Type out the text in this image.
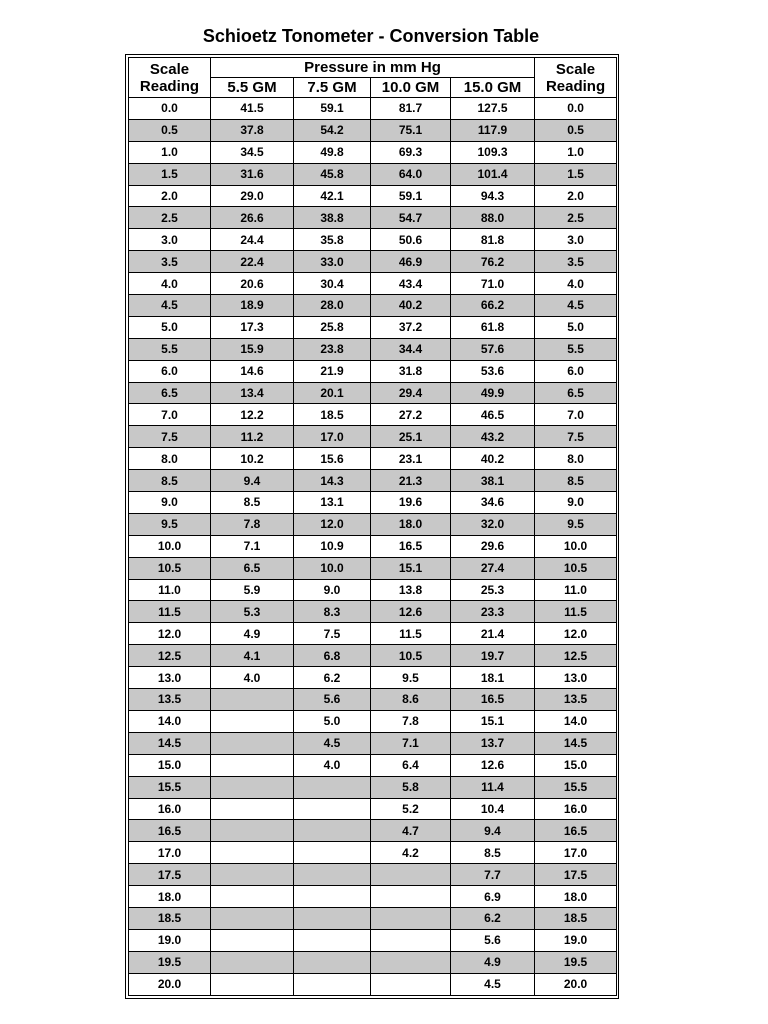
Schioetz Tonometer - Conversion Table
Scale Reading	Pressure in mm Hg				Scale Reading
	5.5 GM	7.5 GM	10.0 GM	15.0 GM	
0.0	41.5	59.1	81.7	127.5	0.0
0.5	37.8	54.2	75.1	117.9	0.5
1.0	34.5	49.8	69.3	109.3	1.0
1.5	31.6	45.8	64.0	101.4	1.5
2.0	29.0	42.1	59.1	94.3	2.0
2.5	26.6	38.8	54.7	88.0	2.5
3.0	24.4	35.8	50.6	81.8	3.0
3.5	22.4	33.0	46.9	76.2	3.5
4.0	20.6	30.4	43.4	71.0	4.0
4.5	18.9	28.0	40.2	66.2	4.5
5.0	17.3	25.8	37.2	61.8	5.0
5.5	15.9	23.8	34.4	57.6	5.5
6.0	14.6	21.9	31.8	53.6	6.0
6.5	13.4	20.1	29.4	49.9	6.5
7.0	12.2	18.5	27.2	46.5	7.0
7.5	11.2	17.0	25.1	43.2	7.5
8.0	10.2	15.6	23.1	40.2	8.0
8.5	9.4	14.3	21.3	38.1	8.5
9.0	8.5	13.1	19.6	34.6	9.0
9.5	7.8	12.0	18.0	32.0	9.5
10.0	7.1	10.9	16.5	29.6	10.0
10.5	6.5	10.0	15.1	27.4	10.5
11.0	5.9	9.0	13.8	25.3	11.0
11.5	5.3	8.3	12.6	23.3	11.5
12.0	4.9	7.5	11.5	21.4	12.0
12.5	4.1	6.8	10.5	19.7	12.5
13.0	4.0	6.2	9.5	18.1	13.0
13.5		5.6	8.6	16.5	13.5
14.0		5.0	7.8	15.1	14.0
14.5		4.5	7.1	13.7	14.5
15.0		4.0	6.4	12.6	15.0
15.5			5.8	11.4	15.5
16.0			5.2	10.4	16.0
16.5			4.7	9.4	16.5
17.0			4.2	8.5	17.0
17.5				7.7	17.5
18.0				6.9	18.0
18.5				6.2	18.5
19.0				5.6	19.0
19.5				4.9	19.5
20.0				4.5	20.0
